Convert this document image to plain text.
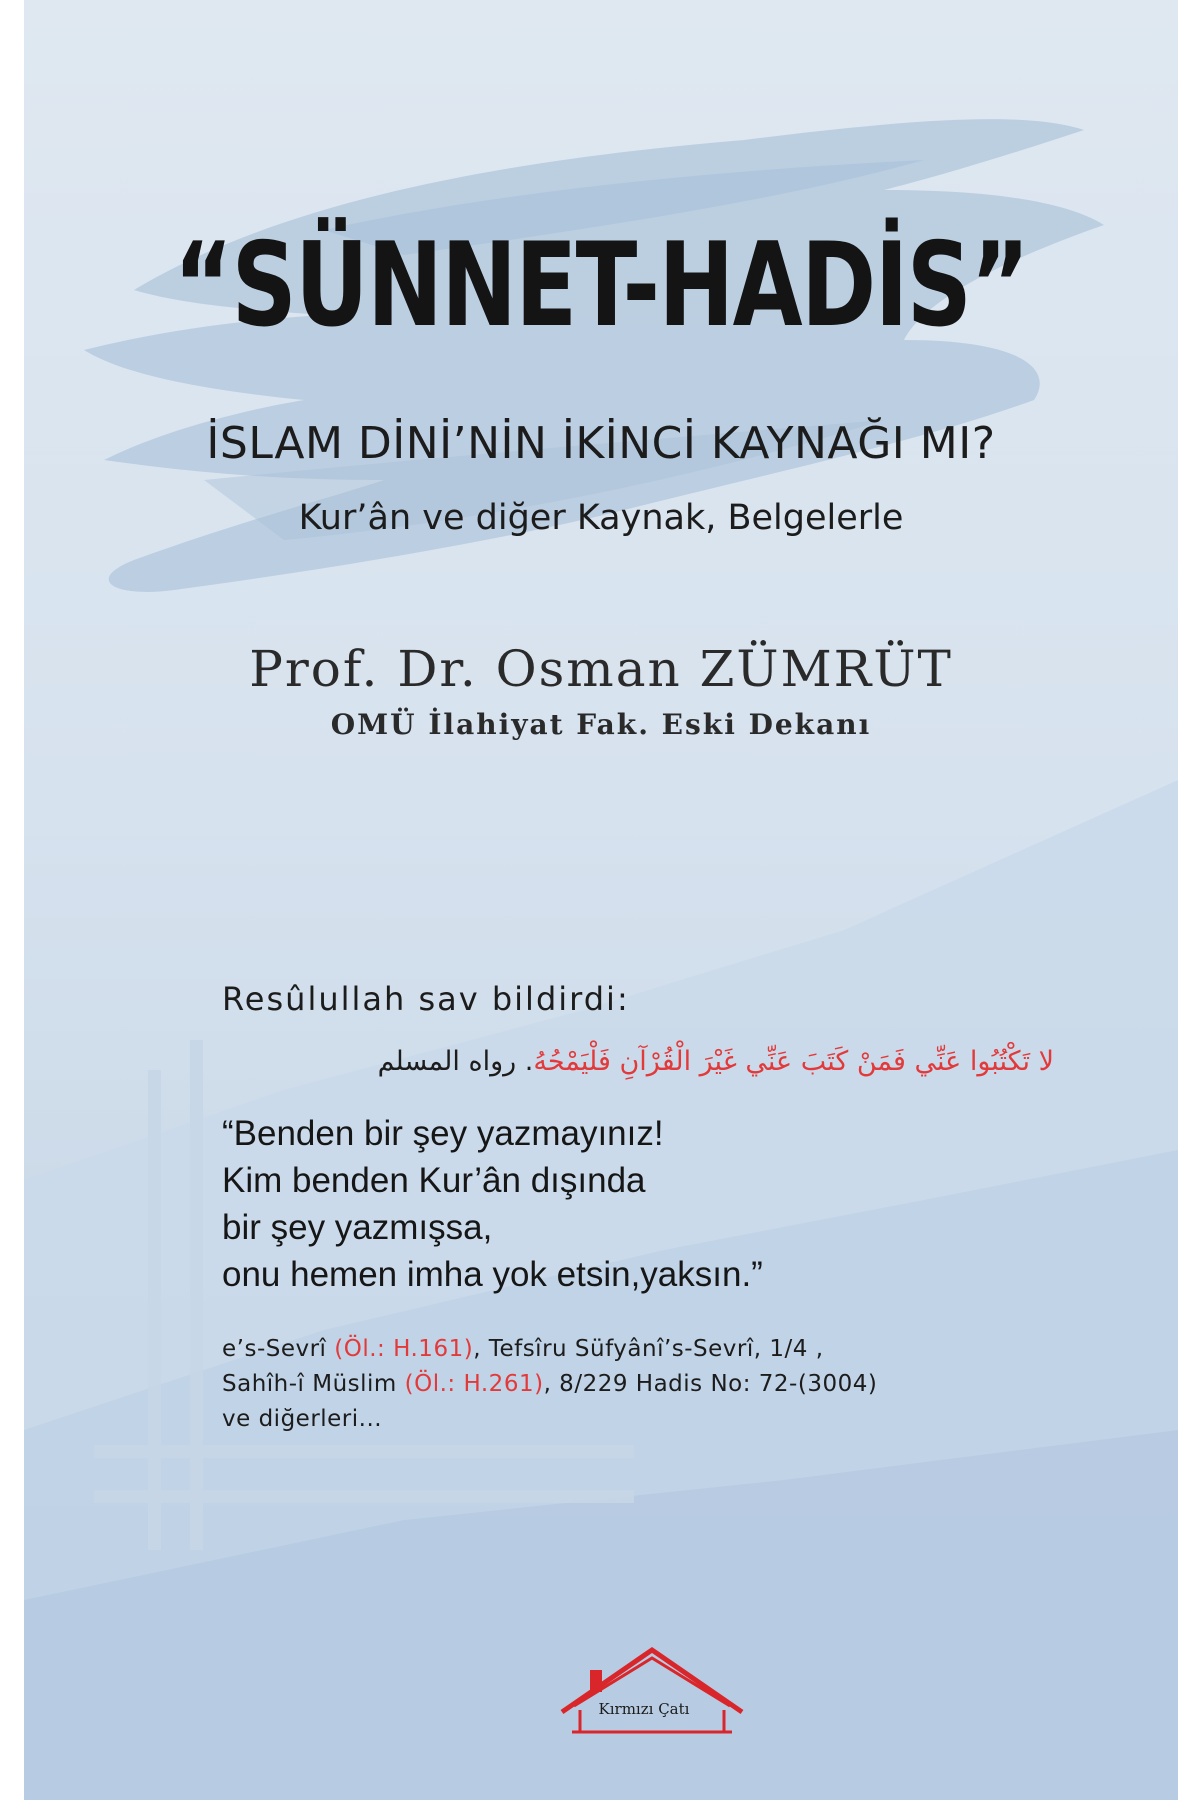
“SÜNNET-HADİS”
İSLAM DİNİ’NİN İKİNCİ KAYNAĞI MI?
Kur’ân ve diğer Kaynak, Belgelerle
Prof. Dr. Osman ZÜMRÜT
OMÜ İlahiyat Fak. Eski Dekanı
Resûlullah sav bildirdi:
لا تَكْتُبُوا عَنِّي فَمَنْ كَتَبَ عَنِّي غَيْرَ الْقُرْآنِ فَلْيَمْحُهُ. رواه المسلم
“Benden bir şey yazmayınız!
Kim benden Kur’ân dışında
bir şey yazmışsa,
onu hemen imha yok etsin,yaksın.”
e’s-Sevrî (Öl.: H.161), Tefsîru Süfyânî’s-Sevrî, 1/4 ,
Sahîh-î Müslim (Öl.: H.261), 8/229 Hadis No: 72-(3004)
ve diğerleri...
Kırmızı Çatı
